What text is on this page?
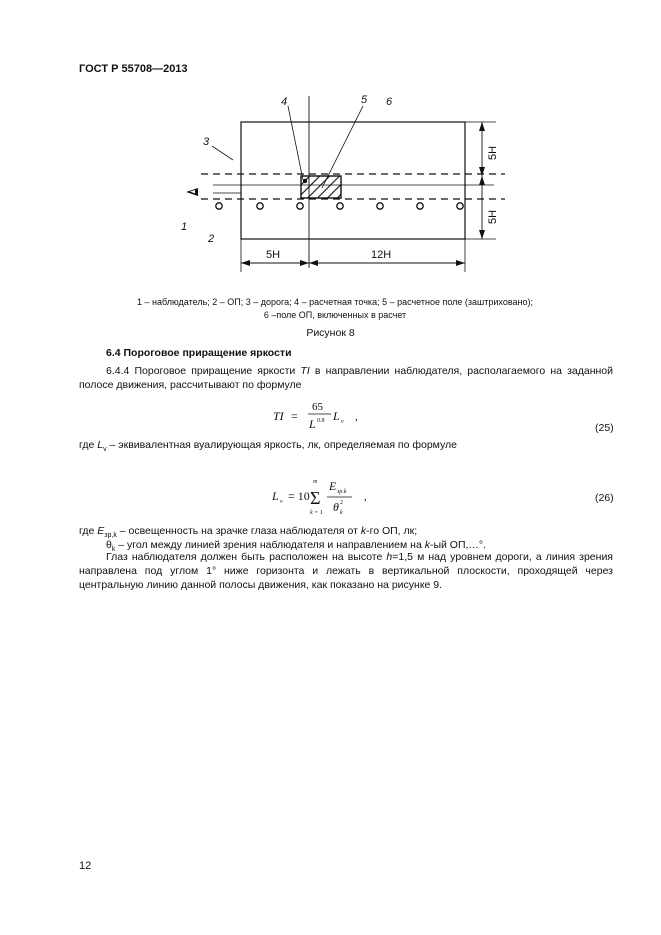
ГОСТ Р 55708—2013
1
2
3
4	5 6
5H	12H
5H
5H
1 – наблюдатель; 2 – ОП; 3 – дорога; 4 – расчетная точка; 5 – расчетное поле (заштриховано);
6 –поле ОП, включенных в расчет
Рисунок 8
6.4 Пороговое приращение яркости
6.4.4 Пороговое приращение яркости TI в направлении наблюдателя, располагаемого на заданной полосе движения, рассчитывают по формуле
TI =
65
L 0.8 L v ,
(25)
где $L_v$ – эквивалентная вуалирующая яркость, лк, определяемая по формуле
L v = 10
m
Σ
k = 1
E зр.k
θ k
2 ,	(26)
где $E_{зр,k}$ – освещенность на зрачке глаза наблюдателя от k-го ОП, лк;
$\theta_k$ – угол между линией зрения наблюдателя и направлением на k-ый ОП,…°.
Глаз наблюдателя должен быть расположен на высоте h=1,5 м над уровнем дороги, а линия зрения направлена под углом 1° ниже горизонта и лежать в вертикальной плоскости, проходящей через центральную линию данной полосы движения, как показано на рисунке 9.
12
